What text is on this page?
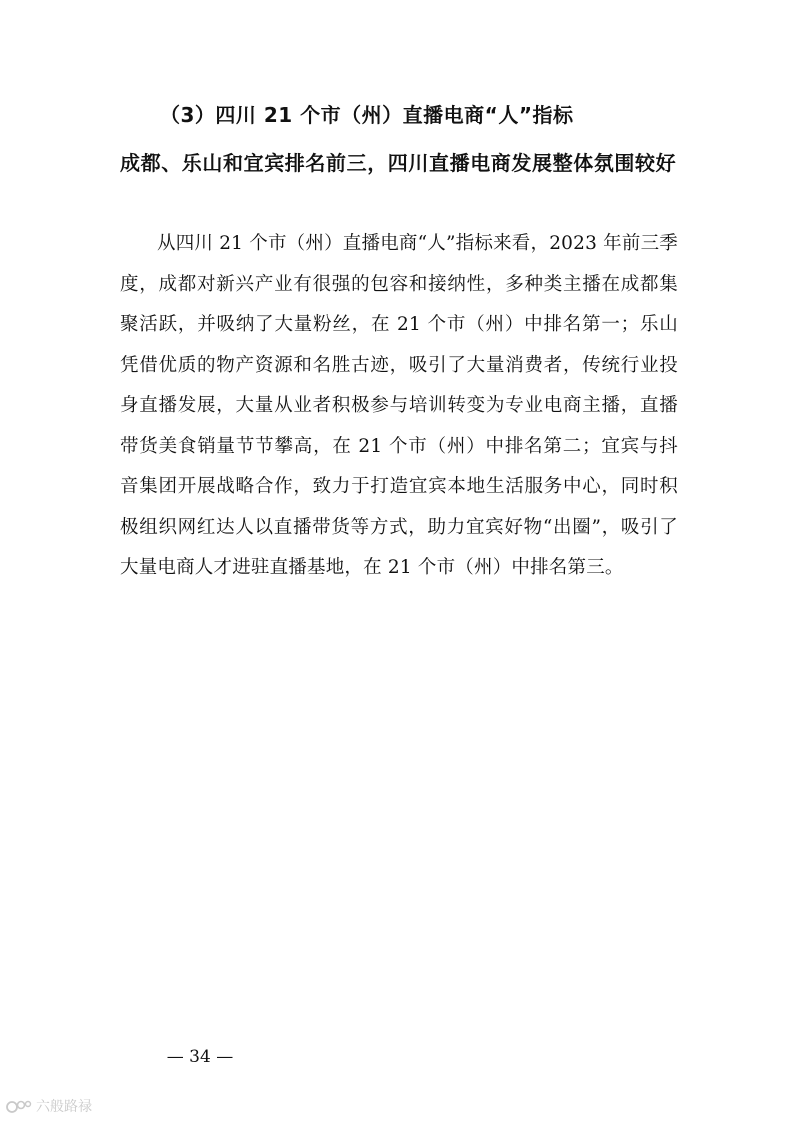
（3）四川 21 个市（州）直播电商“人”指标
成都、乐山和宜宾排名前三，四川直播电商发展整体氛围较好

从四川 21 个市（州）直播电商“人”指标来看，2023 年前三季度，成都对新兴产业有很强的包容和接纳性，多种类主播在成都集聚活跃，并吸纳了大量粉丝，在 21 个市（州）中排名第一；乐山凭借优质的物产资源和名胜古迹，吸引了大量消费者，传统行业投身直播发展，大量从业者积极参与培训转变为专业电商主播，直播带货美食销量节节攀高，在 21 个市（州）中排名第二；宜宾与抖音集团开展战略合作，致力于打造宜宾本地生活服务中心，同时积极组织网红达人以直播带货等方式，助力宜宾好物“出圈”，吸引了大量电商人才进驻直播基地，在 21 个市（州）中排名第三。

— 34 —
六般路禄
